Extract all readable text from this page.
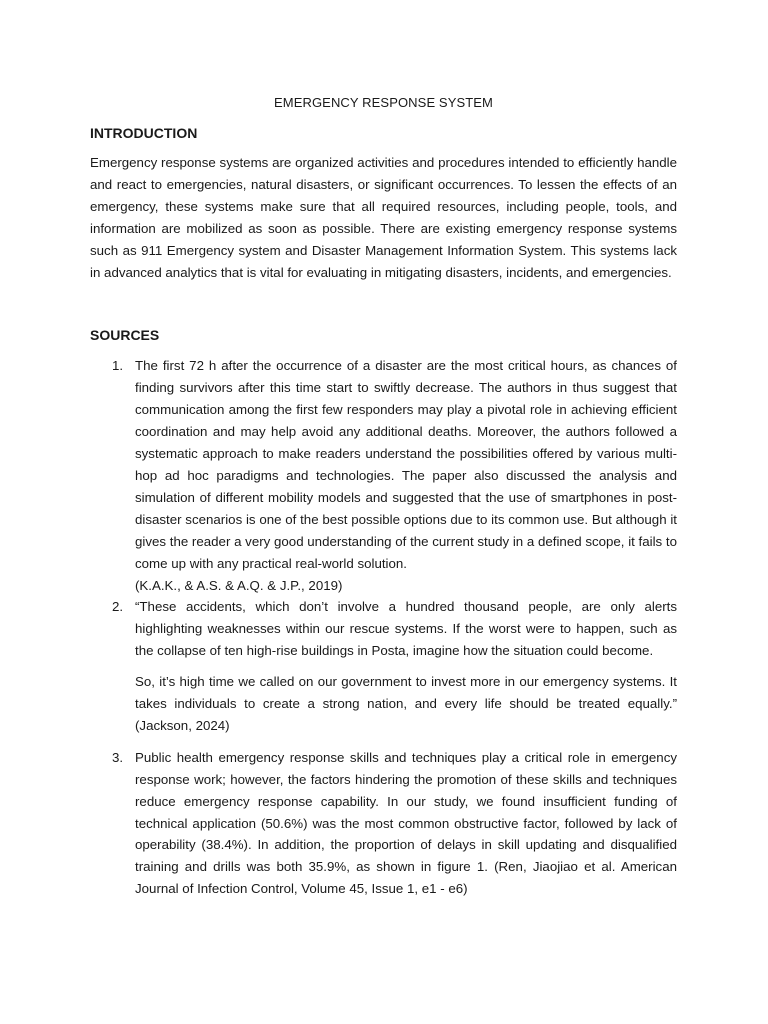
EMERGENCY RESPONSE SYSTEM

INTRODUCTION

Emergency response systems are organized activities and procedures intended to efficiently handle and react to emergencies, natural disasters, or significant occurrences. To lessen the effects of an emergency, these systems make sure that all required resources, including people, tools, and information are mobilized as soon as possible. There are existing emergency response systems such as 911 Emergency system and Disaster Management Information System. This systems lack in advanced analytics that is vital for evaluating in mitigating disasters, incidents, and emergencies.

SOURCES

1. The first 72 h after the occurrence of a disaster are the most critical hours, as chances of finding survivors after this time start to swiftly decrease. The authors in thus suggest that communication among the first few responders may play a pivotal role in achieving efficient coordination and may help avoid any additional deaths. Moreover, the authors followed a systematic approach to make readers understand the possibilities offered by various multi-hop ad hoc paradigms and technologies. The paper also discussed the analysis and simulation of different mobility models and suggested that the use of smartphones in post-disaster scenarios is one of the best possible options due to its common use. But although it gives the reader a very good understanding of the current study in a defined scope, it fails to come up with any practical real-world solution.
(K.A.K., & A.S. & A.Q. & J.P., 2019)

2. “These accidents, which don’t involve a hundred thousand people, are only alerts highlighting weaknesses within our rescue systems. If the worst were to happen, such as the collapse of ten high-rise buildings in Posta, imagine how the situation could become.

So, it’s high time we called on our government to invest more in our emergency systems. It takes individuals to create a strong nation, and every life should be treated equally.” (Jackson, 2024)

3. Public health emergency response skills and techniques play a critical role in emergency response work; however, the factors hindering the promotion of these skills and techniques reduce emergency response capability. In our study, we found insufficient funding of technical application (50.6%) was the most common obstructive factor, followed by lack of operability (38.4%). In addition, the proportion of delays in skill updating and disqualified training and drills was both 35.9%, as shown in figure 1. (Ren, Jiaojiao et al. American Journal of Infection Control, Volume 45, Issue 1, e1 - e6)
